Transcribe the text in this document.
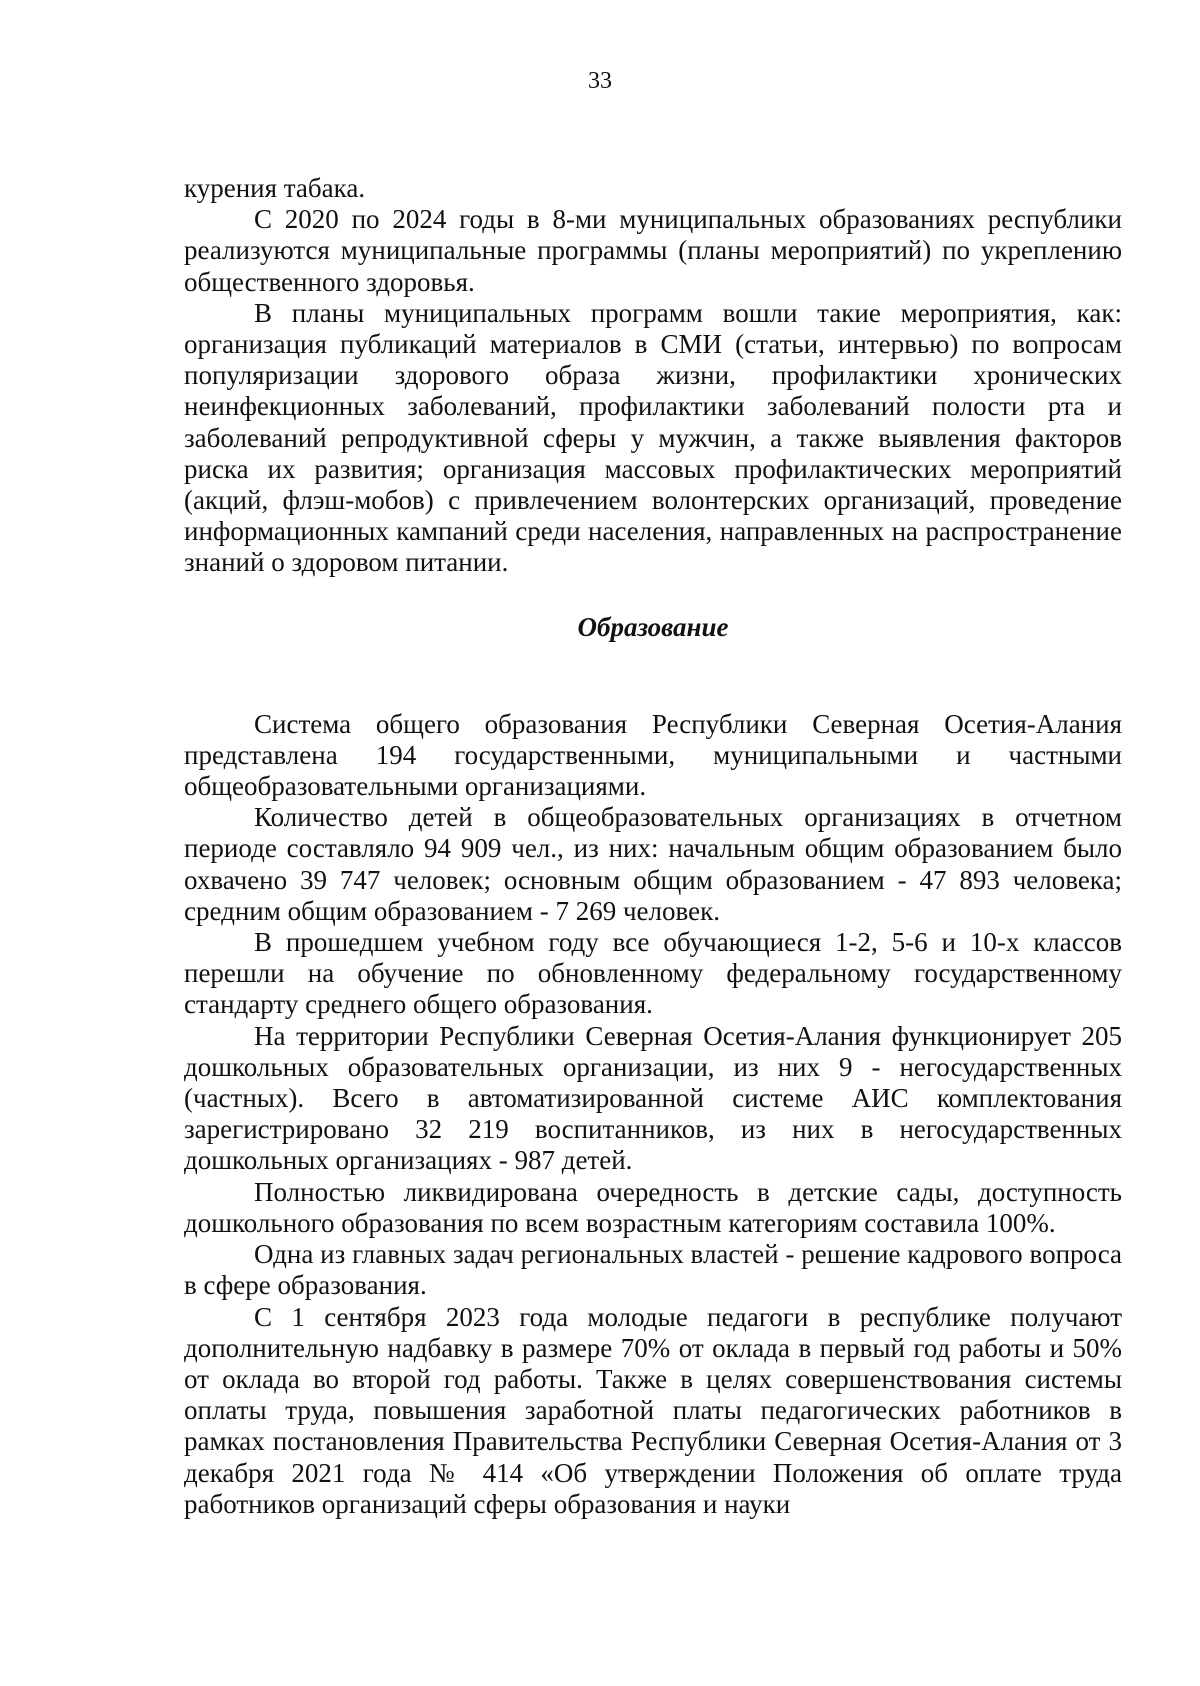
33

курения табака.

С 2020 по 2024 годы в 8-ми муниципальных образованиях республики реализуются муниципальные программы (планы мероприятий) по укреплению общественного здоровья.

В планы муниципальных программ вошли такие мероприятия, как: организация публикаций материалов в СМИ (статьи, интервью) по вопросам популяризации здорового образа жизни, профилактики хронических неинфекционных заболеваний, профилактики заболеваний полости рта и заболеваний репродуктивной сферы у мужчин, а также выявления факторов риска их развития; организация массовых профилактических мероприятий (акций, флэш-мобов) с привлечением волонтерских организаций, проведение информационных кампаний среди населения, направленных на распространение знаний о здоровом питании.

Образование

Система общего образования Республики Северная Осетия-Алания представлена 194 государственными, муниципальными и частными общеобразовательными организациями.

Количество детей в общеобразовательных организациях в отчетном периоде составляло 94 909 чел., из них: начальным общим образованием было охвачено 39 747 человек; основным общим образованием - 47 893 человека; средним общим образованием - 7 269 человек.

В прошедшем учебном году все обучающиеся 1-2, 5-6 и 10-х классов перешли на обучение по обновленному федеральному государственному стандарту среднего общего образования.

На территории Республики Северная Осетия-Алания функционирует 205 дошкольных образовательных организации, из них 9 - негосударственных (частных). Всего в автоматизированной системе АИС комплектования зарегистрировано 32 219 воспитанников, из них в негосударственных дошкольных организациях - 987 детей.

Полностью ликвидирована очередность в детские сады, доступность дошкольного образования по всем возрастным категориям составила 100%.

Одна из главных задач региональных властей - решение кадрового вопроса в сфере образования.

С 1 сентября 2023 года молодые педагоги в республике получают дополнительную надбавку в размере 70% от оклада в первый год работы и 50% от оклада во второй год работы. Также в целях совершенствования системы оплаты труда, повышения заработной платы педагогических работников в рамках постановления Правительства Республики Северная Осетия-Алания от 3 декабря 2021 года № 414 «Об утверждении Положения об оплате труда работников организаций сферы образования и науки
